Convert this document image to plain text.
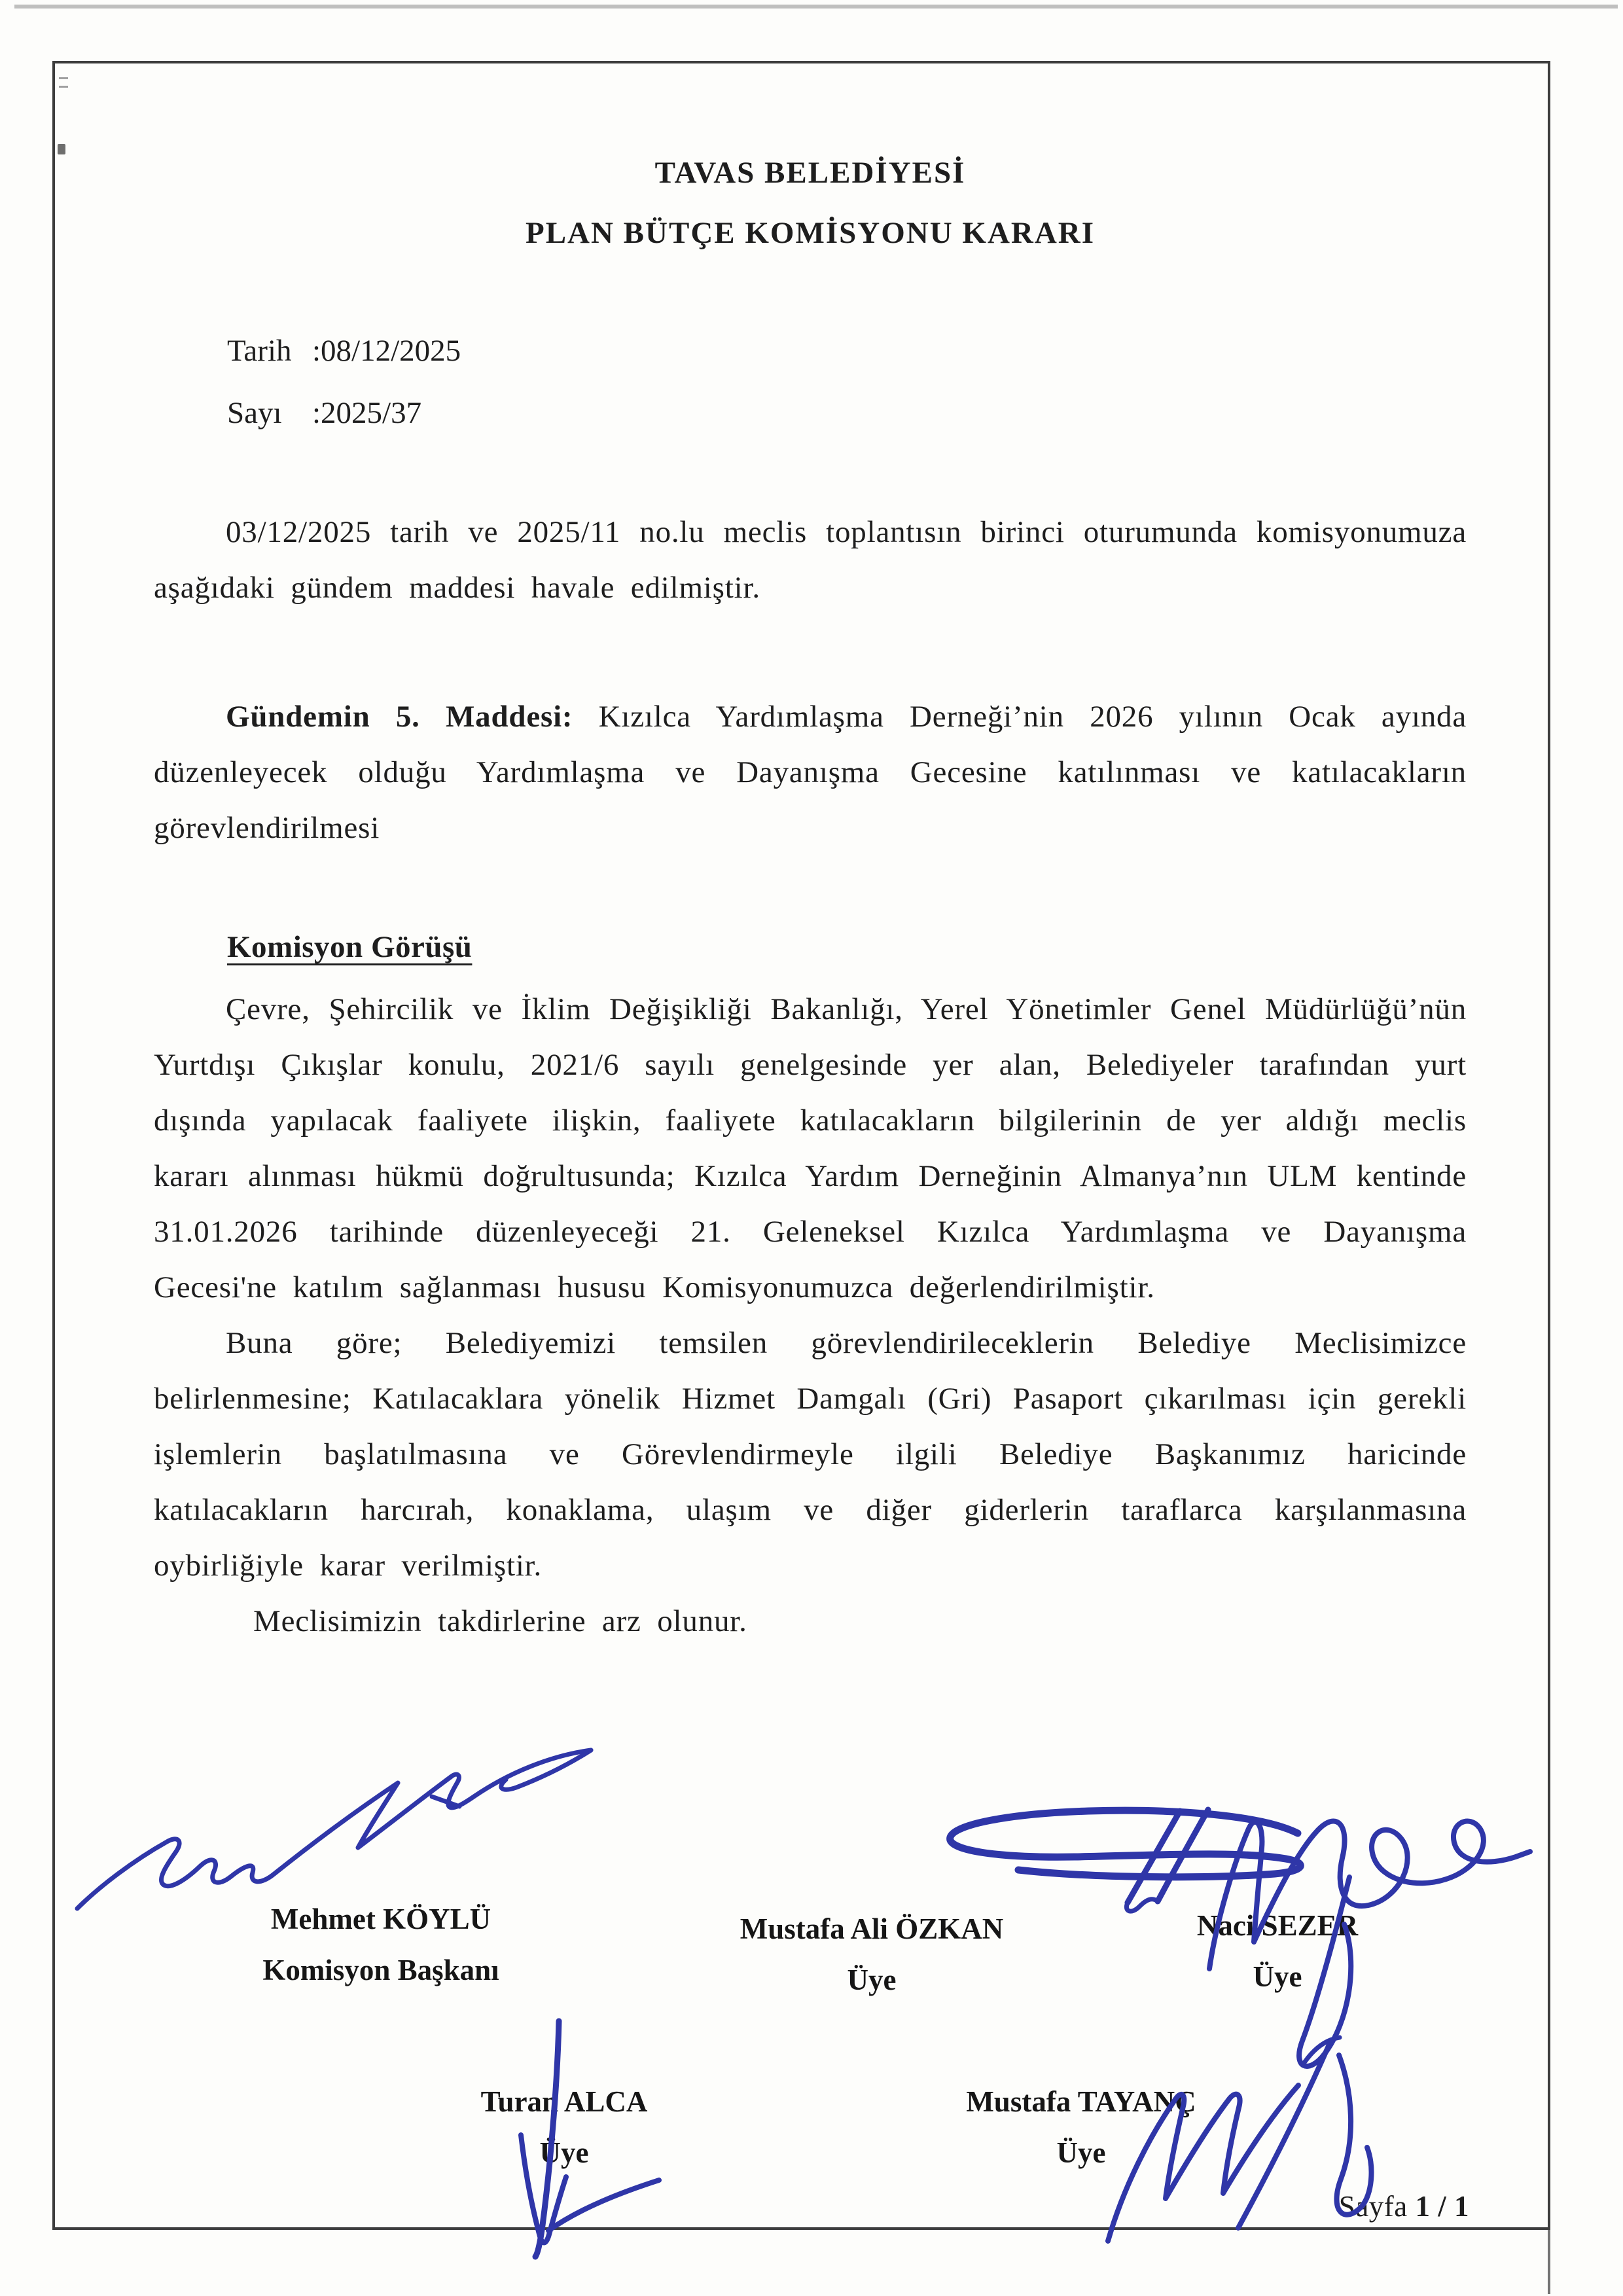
TAVAS BELEDİYESİ
PLAN BÜTÇE KOMİSYONU KARARI
Tarih :08/12/2025
Sayı :2025/37

03/12/2025 tarih ve 2025/11 no.lu meclis toplantısın birinci oturumunda komisyonumuza aşağıdaki gündem maddesi havale edilmiştir.

Gündemin 5. Maddesi: Kızılca Yardımlaşma Derneği’nin 2026 yılının Ocak ayında düzenleyecek olduğu Yardımlaşma ve Dayanışma Gecesine katılınması ve katılacakların görevlendirilmesi

Komisyon Görüşü

Çevre, Şehircilik ve İklim Değişikliği Bakanlığı, Yerel Yönetimler Genel Müdürlüğü’nün Yurtdışı Çıkışlar konulu, 2021/6 sayılı genelgesinde yer alan, Belediyeler tarafından yurt dışında yapılacak faaliyete ilişkin, faaliyete katılacakların bilgilerinin de yer aldığı meclis kararı alınması hükmü doğrultusunda; Kızılca Yardım Derneğinin Almanya’nın ULM kentinde 31.01.2026 tarihinde düzenleyeceği 21. Geleneksel Kızılca Yardımlaşma ve Dayanışma Gecesi'ne katılım sağlanması hususu Komisyonumuzca değerlendirilmiştir.

Buna göre; Belediyemizi temsilen görevlendirileceklerin Belediye Meclisimizce belirlenmesine; Katılacaklara yönelik Hizmet Damgalı (Gri) Pasaport çıkarılması için gerekli işlemlerin başlatılmasına ve Görevlendirmeyle ilgili Belediye Başkanımız haricinde katılacakların harcırah, konaklama, ulaşım ve diğer giderlerin taraflarca karşılanmasına oybirliğiyle karar verilmiştir.

Meclisimizin takdirlerine arz olunur.

Mehmet KÖYLÜ
Komisyon Başkanı
Mustafa Ali ÖZKAN
Üye
Naci SEZER
Üye
Turan ALCA
Üye
Mustafa TAYANÇ
Üye
Sayfa 1 / 1
